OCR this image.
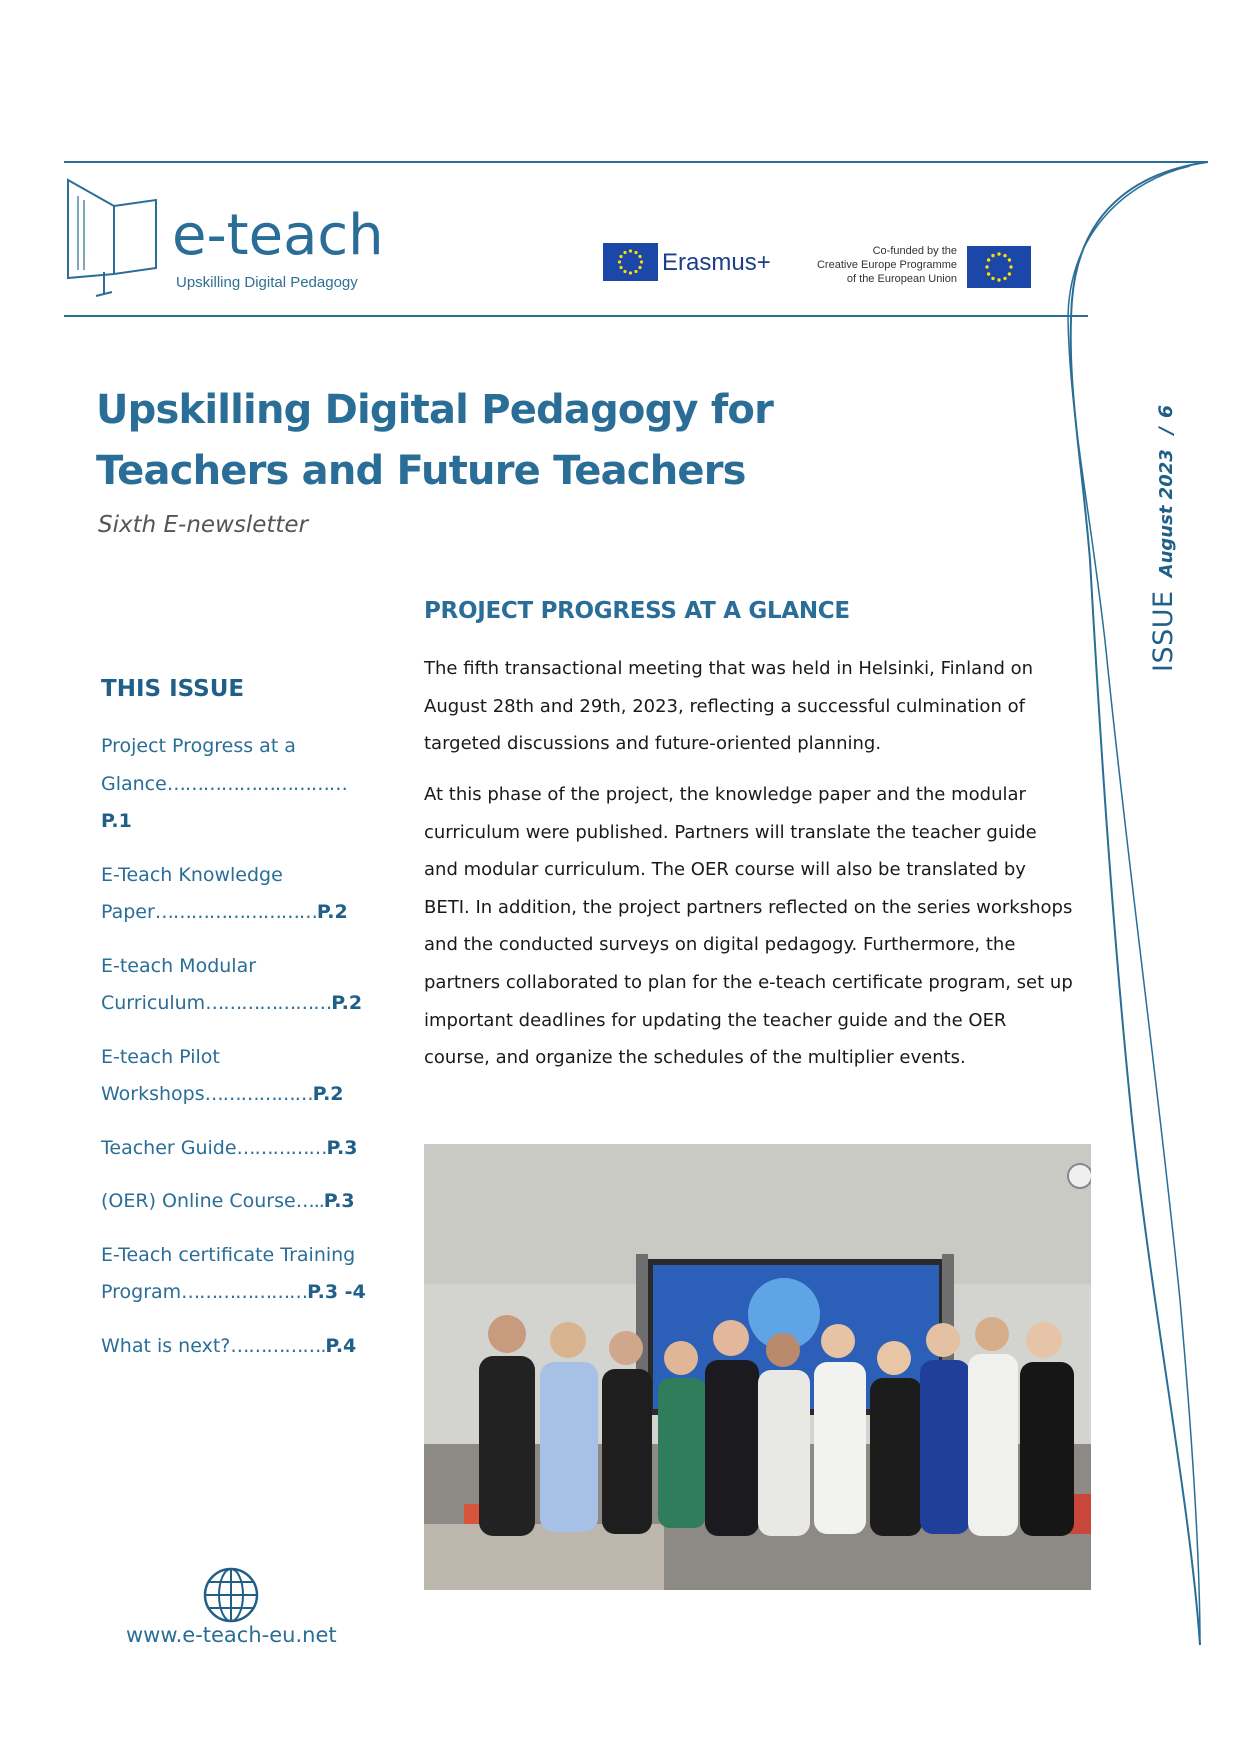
e-teach
Upskilling Digital Pedagogy
Erasmus+	Co-funded by the
Creative Europe Programme
of the European Union
Upskilling Digital Pedagogy for
Teachers and Future Teachers
Sixth E-newsletter
ISSUE August 2023 / 6
THIS ISSUE
Project Progress at a Glance…………………………P.1
E-Teach Knowledge Paper………………………P.2
E-teach Modular Curriculum…………………P.2
E-teach Pilot Workshops………………P.2
Teacher Guide……………P.3
(OER) Online Course…..P.3
E-Teach certificate Training Program…………………P.3 -4
What is next?…………….P.4
www.e-teach-eu.net
PROJECT PROGRESS AT A GLANCE

The fifth transactional meeting that was held in Helsinki, Finland on August 28th and 29th, 2023, reflecting a successful culmination of targeted discussions and future-oriented planning.

At this phase of the project, the knowledge paper and the modular curriculum were published. Partners will translate the teacher guide and modular curriculum. The OER course will also be translated by BETI. In addition, the project partners reflected on the series workshops and the conducted surveys on digital pedagogy. Furthermore, the partners collaborated to plan for the e-teach certificate program, set up important deadlines for updating the teacher guide and the OER course, and organize the schedules of the multiplier events.
